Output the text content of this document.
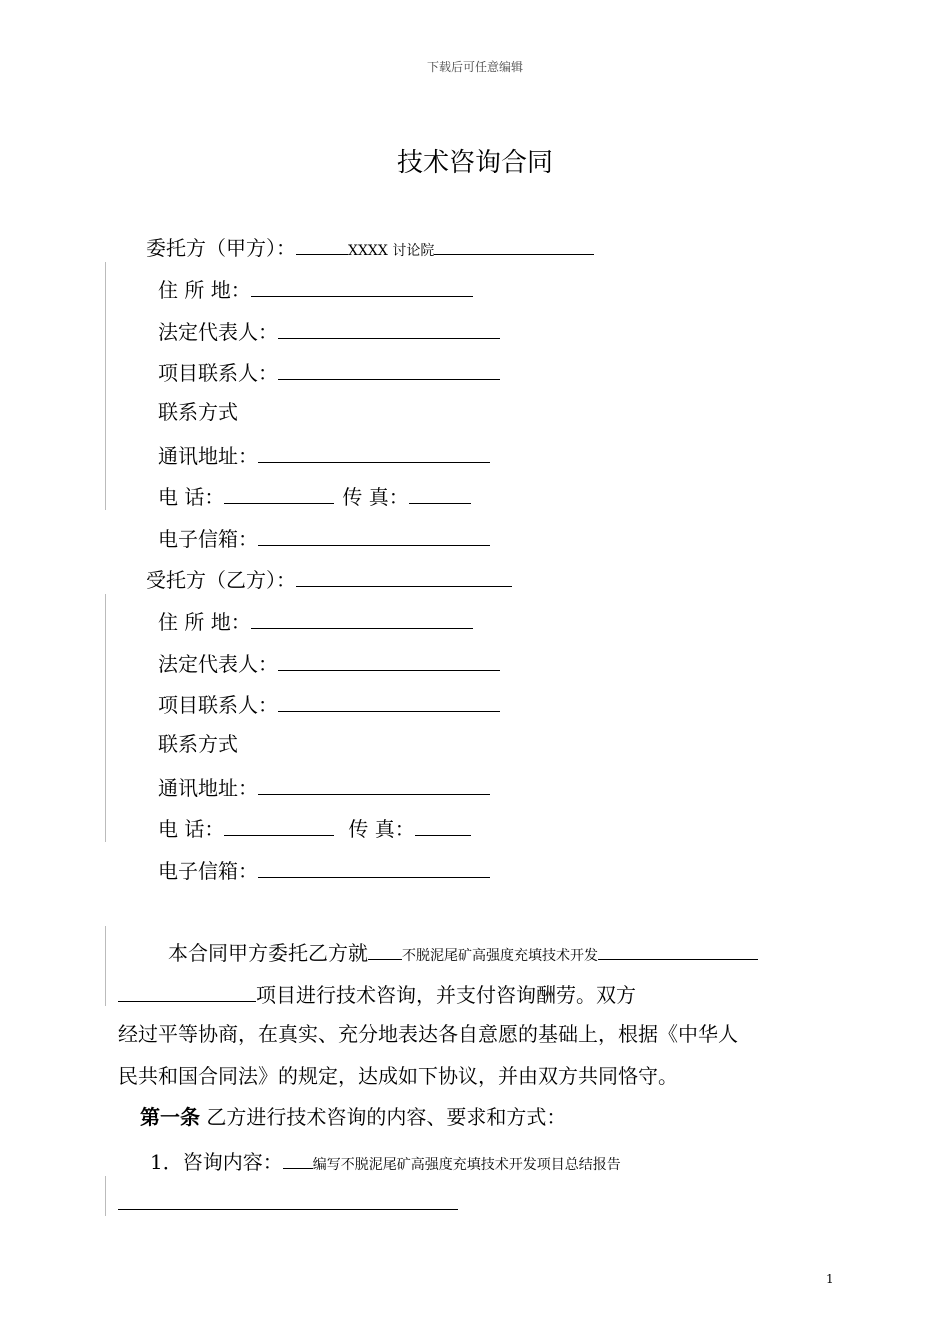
下载后可任意编辑
技术咨询合同
委托方（甲方）：	XXXX 讨论院
住 所 地：
法定代表人：
项目联系人：
联系方式
通讯地址：
电 话：	传 真：
电子信箱：
受托方（乙方）：
住 所 地：
法定代表人：
项目联系人：
联系方式
通讯地址：
电 话：	传 真：
电子信箱：
本合同甲方委托乙方就 不脱泥尾矿高强度充填技术开发
项目进行技术咨询，并支付咨询酬劳。双方
经过平等协商，在真实、充分地表达各自意愿的基础上，根据《中华人
民共和国合同法》的规定，达成如下协议，并由双方共同恪守。
第一条 乙方进行技术咨询的内容、要求和方式：
1．咨询内容： 编写不脱泥尾矿高强度充填技术开发项目总结报告
1
